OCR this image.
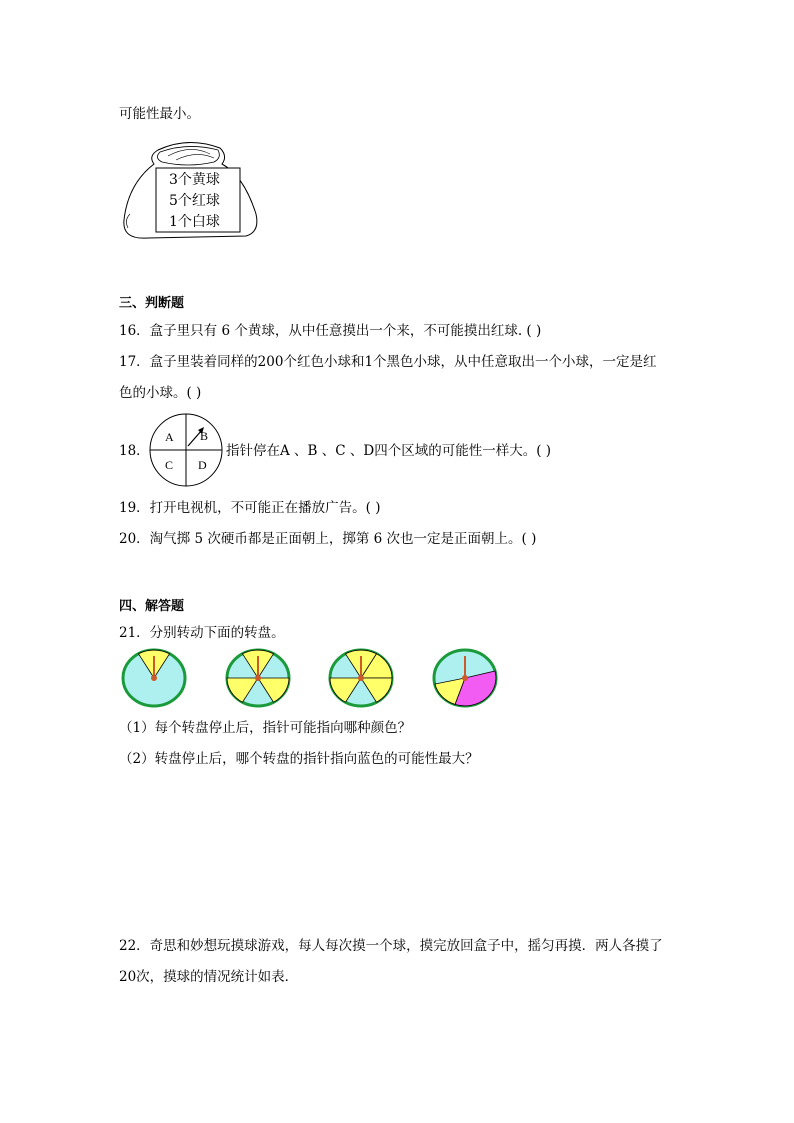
可能性最小。
3个黄球
5个红球
1个白球
三、判断题
16．盒子里只有 6 个黄球，从中任意摸出一个来，不可能摸出红球. ( )
17．盒子里装着同样的200个红色小球和1个黑色小球，从中任意取出一个小球，一定是红
色的小球。( )
18．
A B
C D
指针停在A 、B 、C 、D四个区域的可能性一样大。( )
19．打开电视机，不可能正在播放广告。( )
20．淘气掷 5 次硬币都是正面朝上，掷第 6 次也一定是正面朝上。( )
四、解答题
21．分别转动下面的转盘。
（1）每个转盘停止后，指针可能指向哪种颜色？
（2）转盘停止后，哪个转盘的指针指向蓝色的可能性最大？
22．奇思和妙想玩摸球游戏，每人每次摸一个球，摸完放回盒子中，摇匀再摸．两人各摸了
20次，摸球的情况统计如表．
